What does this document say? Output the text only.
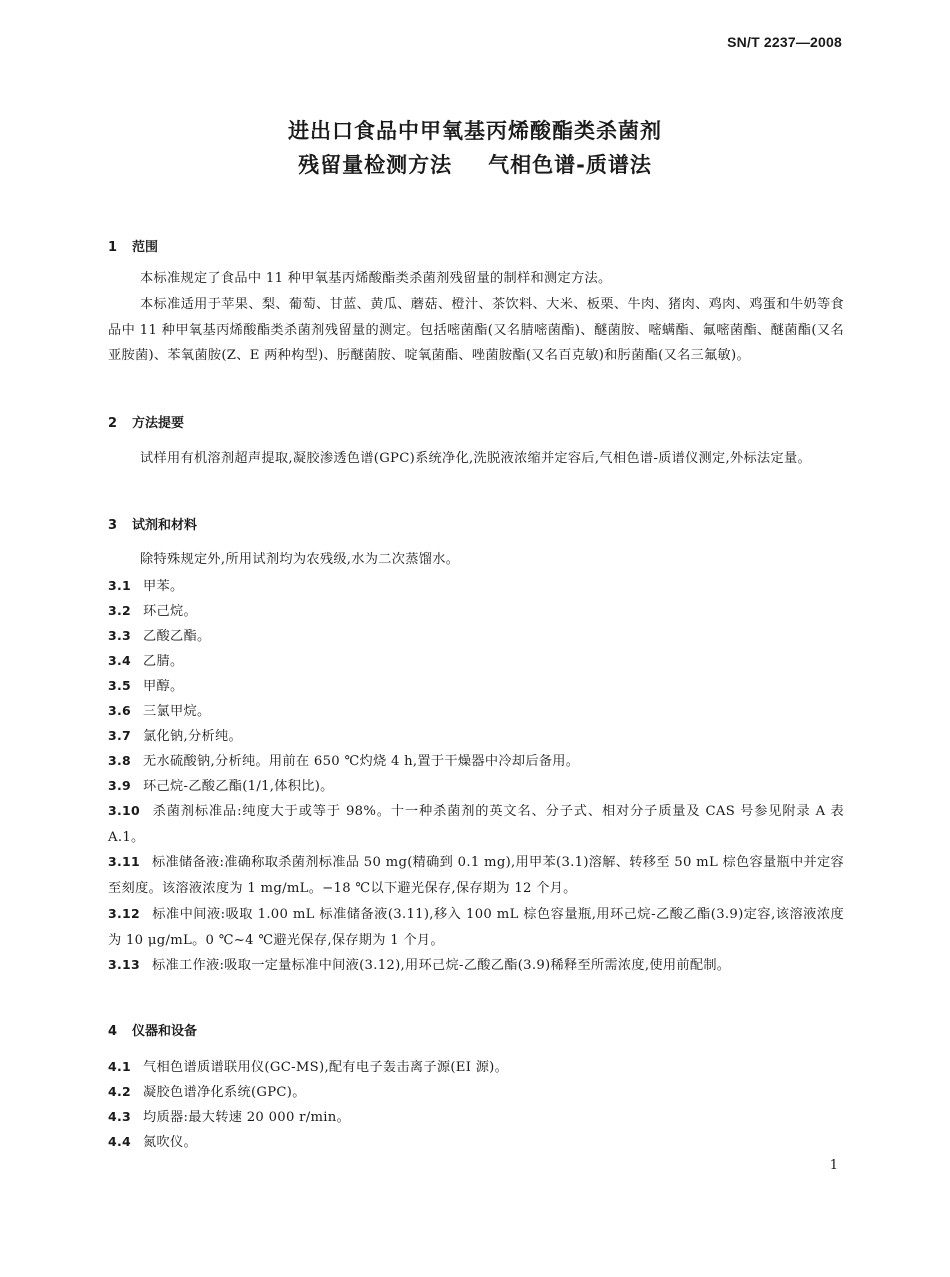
SN/T 2237—2008
进出口食品中甲氧基丙烯酸酯类杀菌剂
残留量检测方法 气相色谱-质谱法
1 范围
本标准规定了食品中 11 种甲氧基丙烯酸酯类杀菌剂残留量的制样和测定方法。
本标准适用于苹果、梨、葡萄、甘蓝、黄瓜、蘑菇、橙汁、茶饮料、大米、板栗、牛肉、猪肉、鸡肉、鸡蛋和牛奶等食品中 11 种甲氧基丙烯酸酯类杀菌剂残留量的测定。包括嘧菌酯(又名腈嘧菌酯)、醚菌胺、嘧螨酯、氟嘧菌酯、醚菌酯(又名亚胺菌)、苯氧菌胺(Z、E 两种构型)、肟醚菌胺、啶氧菌酯、唑菌胺酯(又名百克敏)和肟菌酯(又名三氟敏)。
2 方法提要
试样用有机溶剂超声提取,凝胶渗透色谱(GPC)系统净化,洗脱液浓缩并定容后,气相色谱-质谱仪测定,外标法定量。
3 试剂和材料
除特殊规定外,所用试剂均为农残级,水为二次蒸馏水。
3.1 甲苯。
3.2 环己烷。
3.3 乙酸乙酯。
3.4 乙腈。
3.5 甲醇。
3.6 三氯甲烷。
3.7 氯化钠,分析纯。
3.8 无水硫酸钠,分析纯。用前在 650 ℃灼烧 4 h,置于干燥器中冷却后备用。
3.9 环己烷-乙酸乙酯(1/1,体积比)。
3.10 杀菌剂标准品:纯度大于或等于 98%。十一种杀菌剂的英文名、分子式、相对分子质量及 CAS 号参见附录 A 表 A.1。
3.11 标准储备液:准确称取杀菌剂标准品 50 mg(精确到 0.1 mg),用甲苯(3.1)溶解、转移至 50 mL 棕色容量瓶中并定容至刻度。该溶液浓度为 1 mg/mL。−18 ℃以下避光保存,保存期为 12 个月。
3.12 标准中间液:吸取 1.00 mL 标准储备液(3.11),移入 100 mL 棕色容量瓶,用环己烷-乙酸乙酯(3.9)定容,该溶液浓度为 10 μg/mL。0 ℃~4 ℃避光保存,保存期为 1 个月。
3.13 标准工作液:吸取一定量标准中间液(3.12),用环己烷-乙酸乙酯(3.9)稀释至所需浓度,使用前配制。
4 仪器和设备
4.1 气相色谱质谱联用仪(GC-MS),配有电子轰击离子源(EI 源)。
4.2 凝胶色谱净化系统(GPC)。
4.3 均质器:最大转速 20 000 r/min。
4.4 氮吹仪。
1
